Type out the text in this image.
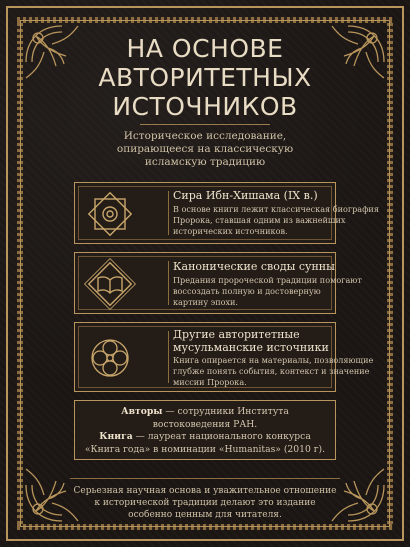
НА ОСНОВЕ
АВТОРИТЕТНЫХ
ИСТОЧНИКОВ
Историческое исследование,
опирающееся на классическую
исламскую традицию
Сира Ибн-Хишама (IX в.)
В основе книги лежит классическая биография
Пророка, ставшая одним из важнейших
исторических источников.
Канонические своды сунны
Предания пророческой традиции помогают
воссоздать полную и достоверную
картину эпохи.
Другие авторитетные
мусульманские источники
Книга опирается на материалы, позволяющие
глубже понять события, контекст и значение
миссии Пророка.
Авторы — сотрудники Института
востоковедения РАН.
Книга — лауреат национального конкурса
«Книга года» в номинации «Humanitas» (2010 г).
Серьезная научная основа и уважительное отношение
к исторической традиции делают это издание
особенно ценным для читателя.
